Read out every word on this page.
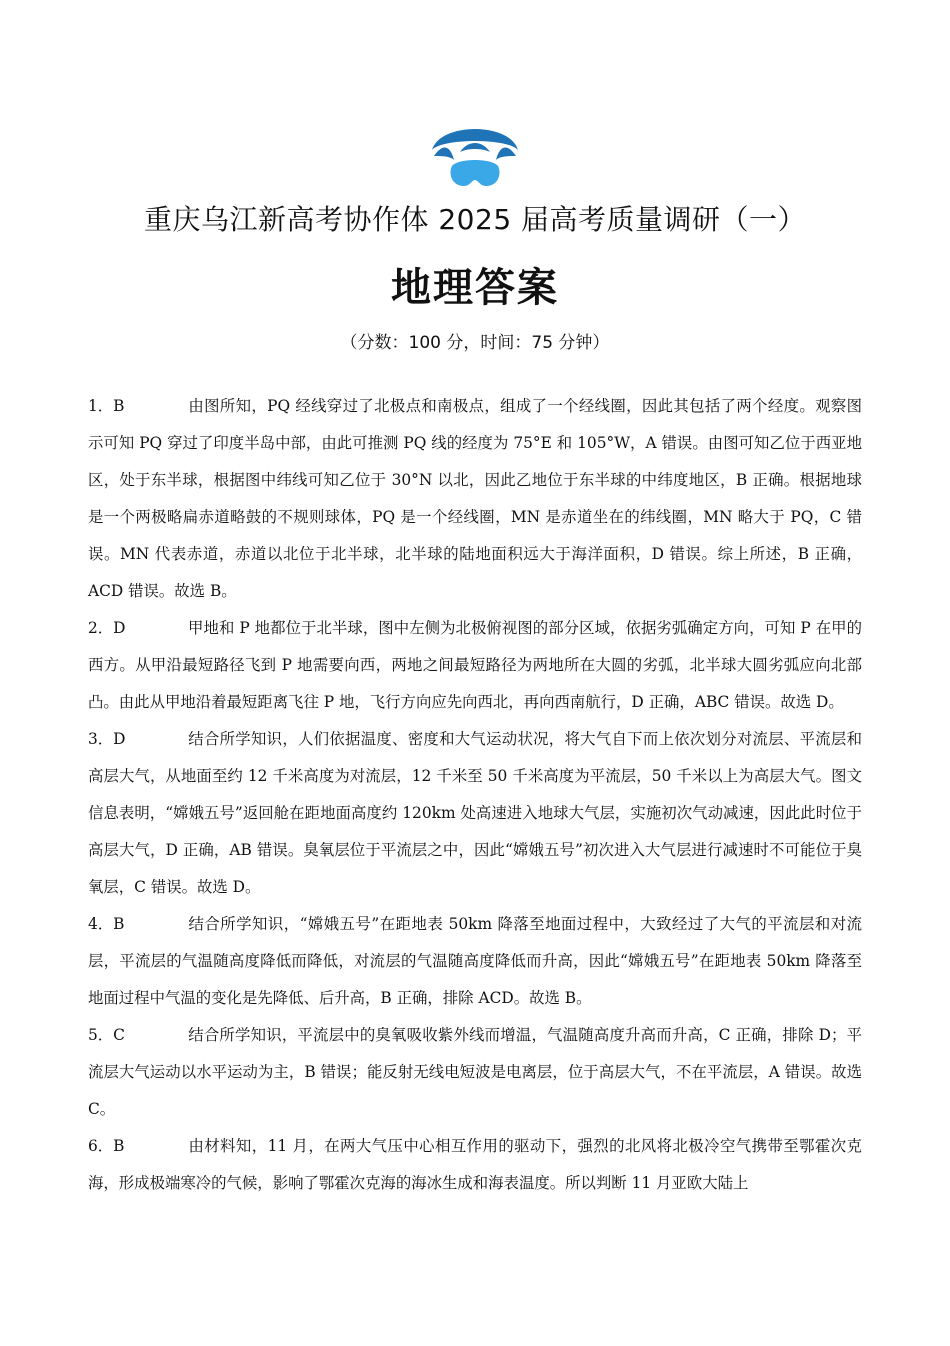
重庆乌江新高考协作体 2025 届高考质量调研（一）
地理答案
（分数：100 分，时间：75 分钟）

1．B	由图所知，PQ 经线穿过了北极点和南极点，组成了一个经线圈，因此其包括了两个经度。观察图示可知 PQ 穿过了印度半岛中部，由此可推测 PQ 线的经度为 75°E 和 105°W，A 错误。由图可知乙位于西亚地区，处于东半球，根据图中纬线可知乙位于 30°N 以北，因此乙地位于东半球的中纬度地区，B 正确。根据地球是一个两极略扁赤道略鼓的不规则球体，PQ 是一个经线圈，MN 是赤道坐在的纬线圈，MN 略大于 PQ，C 错误。MN 代表赤道，赤道以北位于北半球，北半球的陆地面积远大于海洋面积，D 错误。综上所述，B 正确，ACD 错误。故选 B。

2．D	甲地和 P 地都位于北半球，图中左侧为北极俯视图的部分区域，依据劣弧确定方向，可知 P 在甲的西方。从甲沿最短路径飞到 P 地需要向西，两地之间最短路径为两地所在大圆的劣弧，北半球大圆劣弧应向北部凸。由此从甲地沿着最短距离飞往 P 地，飞行方向应先向西北，再向西南航行，D 正确，ABC 错误。故选 D。

3．D	结合所学知识，人们依据温度、密度和大气运动状况，将大气自下而上依次划分对流层、平流层和高层大气，从地面至约 12 千米高度为对流层，12 千米至 50 千米高度为平流层，50 千米以上为高层大气。图文信息表明，“嫦娥五号”返回舱在距地面高度约 120km 处高速进入地球大气层，实施初次气动减速，因此此时位于高层大气，D 正确，AB 错误。臭氧层位于平流层之中，因此“嫦娥五号”初次进入大气层进行减速时不可能位于臭氧层，C 错误。故选 D。

4．B	结合所学知识，“嫦娥五号”在距地表 50km 降落至地面过程中，大致经过了大气的平流层和对流层，平流层的气温随高度降低而降低，对流层的气温随高度降低而升高，因此“嫦娥五号”在距地表 50km 降落至地面过程中气温的变化是先降低、后升高，B 正确，排除 ACD。故选 B。

5．C	结合所学知识，平流层中的臭氧吸收紫外线而增温，气温随高度升高而升高，C 正确，排除 D；平流层大气运动以水平运动为主，B 错误；能反射无线电短波是电离层，位于高层大气，不在平流层，A 错误。故选 C。

6．B	由材料知，11 月，在两大气压中心相互作用的驱动下，强烈的北风将北极冷空气携带至鄂霍次克海，形成极端寒冷的气候，影响了鄂霍次克海的海冰生成和海表温度。所以判断 11 月亚欧大陆上
